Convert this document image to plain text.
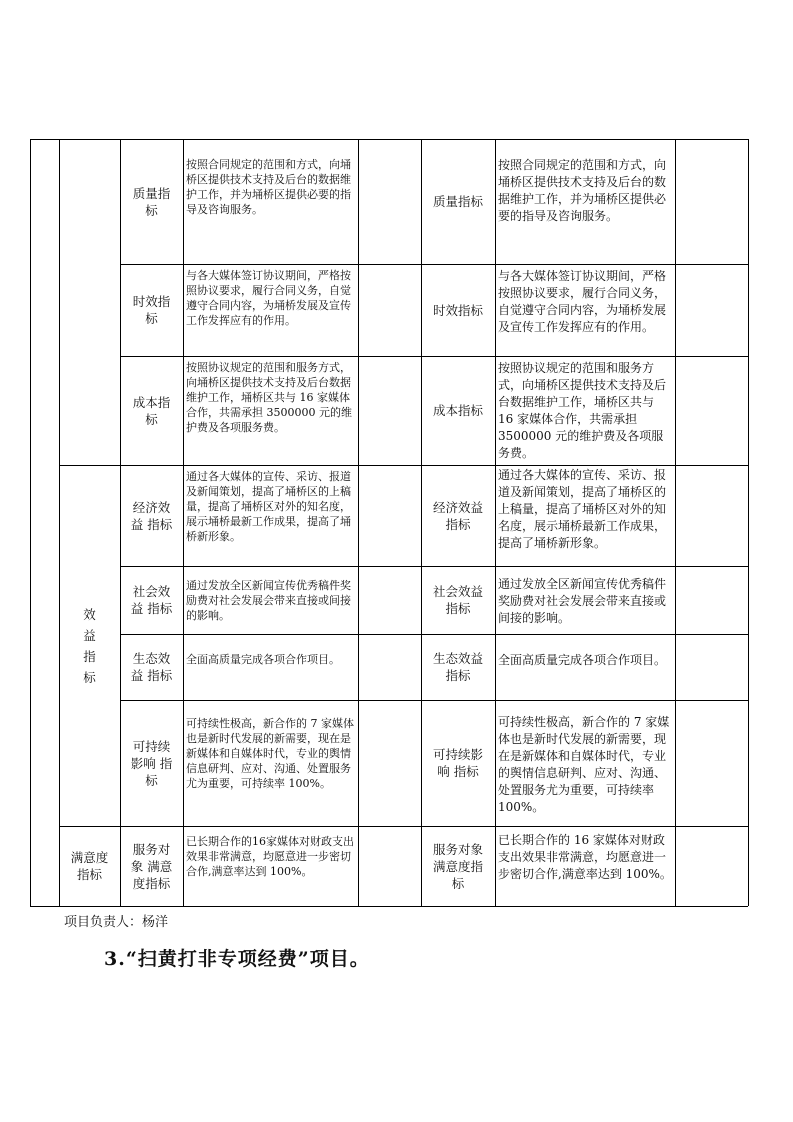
效
益
指
标
满意度
指标
质量指
标
按照合同规定的范围和方式，向埇桥区提供技术支持及后台的数据维护工作，并为埇桥区提供必要的指导及咨询服务。
质量指标
按照合同规定的范围和方式，向埇桥区提供技术支持及后台的数据维护工作，并为埇桥区提供必要的指导及咨询服务。
时效指
标
与各大媒体签订协议期间，严格按照协议要求，履行合同义务，自觉遵守合同内容，为埇桥发展及宣传工作发挥应有的作用。
时效指标
与各大媒体签订协议期间，严格按照协议要求，履行合同义务，自觉遵守合同内容，为埇桥发展及宣传工作发挥应有的作用。
成本指
标
按照协议规定的范围和服务方式，向埇桥区提供技术支持及后台数据维护工作，埇桥区共与 16 家媒体合作，共需承担 3500000 元的维护费及各项服务费。
成本指标
按照协议规定的范围和服务方式，向埇桥区提供技术支持及后台数据维护工作，埇桥区共与 16 家媒体合作，共需承担 3500000 元的维护费及各项服务费。
经济效
益 指标
通过各大媒体的宣传、采访、报道及新闻策划，提高了埇桥区的上稿量，提高了埇桥区对外的知名度，展示埇桥最新工作成果，提高了埇桥新形象。
经济效益
指标
通过各大媒体的宣传、采访、报道及新闻策划，提高了埇桥区的上稿量，提高了埇桥区对外的知名度，展示埇桥最新工作成果，提高了埇桥新形象。
社会效
益 指标
通过发放全区新闻宣传优秀稿件奖励费对社会发展会带来直接或间接的影响。
社会效益
指标
通过发放全区新闻宣传优秀稿件奖励费对社会发展会带来直接或间接的影响。
生态效
益 指标
全面高质量完成各项合作项目。	生态效益
指标
全面高质量完成各项合作项目。
可持续
影响 指
标
可持续性极高，新合作的 7 家媒体也是新时代发展的新需要，现在是新媒体和自媒体时代，专业的舆情信息研判、应对、沟通、处置服务尤为重要，可持续率 100%。
可持续影
响 指标
可持续性极高，新合作的 7 家媒体也是新时代发展的新需要，现在是新媒体和自媒体时代，专业的舆情信息研判、应对、沟通、处置服务尤为重要，可持续率 100%。
服务对
象 满意
度指标
已长期合作的16家媒体对财政支出效果非常满意，均愿意进一步密切合作,满意率达到 100%。
服务对象
满意度指
标
已长期合作的 16 家媒体对财政支出效果非常满意，均愿意进一步密切合作,满意率达到 100%。
项目负责人：杨洋
3.“扫黄打非专项经费”项目。
